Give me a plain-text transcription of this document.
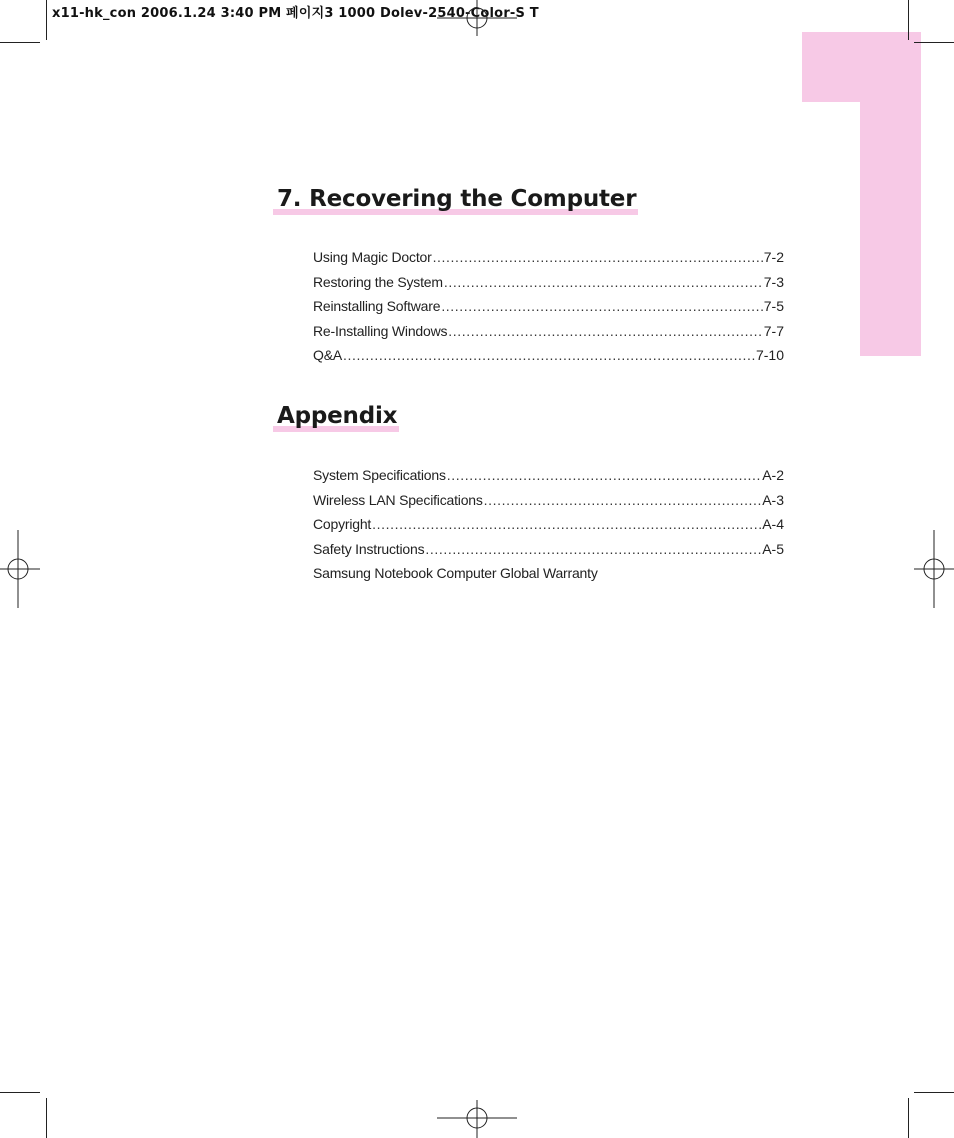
x11-hk_con 2006.1.24 3:40 PM 페이지3 1000 Dolev-2540-Color-S T
7. Recovering the Computer
Using Magic Doctor .....	7-2
Restoring the System .....	7-3
Reinstalling Software .....	7-5
Re-Installing Windows .....	7-7
Q&A .....	7-10
Appendix
System Specifications .....	A-2
Wireless LAN Specifications .....	A-3
Copyright .....	A-4
Safety Instructions .....	A-5
Samsung Notebook Computer Global Warranty
